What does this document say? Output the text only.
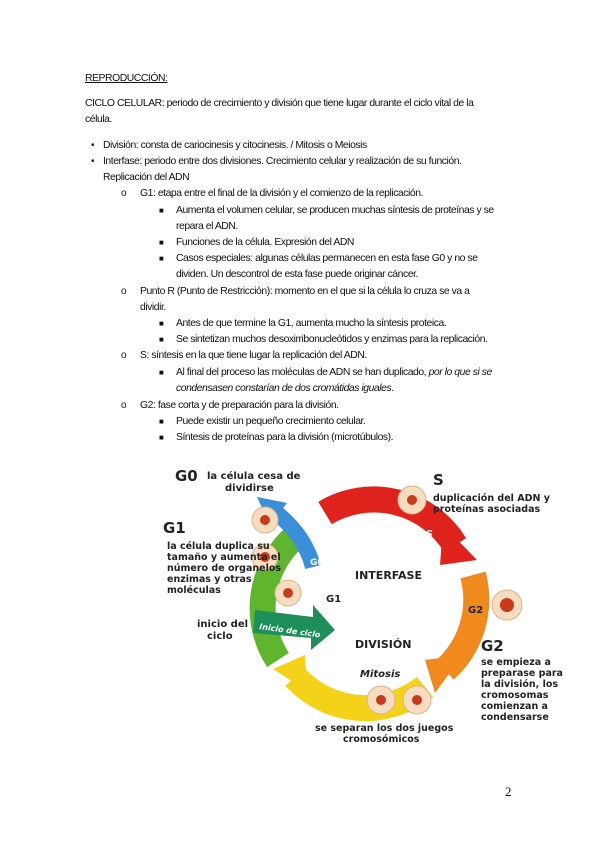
REPRODUCCIÓN:
CICLO CELULAR: periodo de crecimiento y división que tiene lugar durante el ciclo vital de la
célula.
• División: consta de cariocinesis y citocinesis. / Mitosis o Meiosis
• Interfase: periodo entre dos divisiones. Crecimiento celular y realización de su función.
Replicación del ADN
o G1: etapa entre el final de la división y el comienzo de la replicación.
■ Aumenta el volumen celular, se producen muchas síntesis de proteínas y se
repara el ADN.
■ Funciones de la célula. Expresión del ADN
■ Casos especiales: algunas células permanecen en esta fase G0 y no se
dividen. Un descontrol de esta fase puede originar cáncer.
o Punto R (Punto de Restricción): momento en el que si la célula lo cruza se va a
dividir.
■ Antes de que termine la G1, aumenta mucho la síntesis proteica.
■ Se sintetizan muchos desoxirribonucleótidos y enzimas para la replicación.
o S: síntesis en la que tiene lugar la replicación del ADN.
■ Al final del proceso las moléculas de ADN se han duplicado, por lo que si se
condensasen constarían de dos cromátidas iguales.
o G2: fase corta y de preparación para la división.
■ Puede existir un pequeño crecimiento celular.
■ Síntesis de proteínas para la división (microtúbulos).
Fase S
INTERFASE
DIVISIÓN
Mitosis
G0
G1
G2
Inicio de ciclo
G0 la célula cesa de
dividirse
G1
la célula duplica su
tamaño y aumenta el
número de organelos
enzimas y otras
moléculas
inicio del
ciclo
S
duplicación del ADN y
proteínas asociadas
G2
se empieza a
preparase para
la división, los
cromosomas
comienzan a
condensarse
se separan los dos juegos
cromosómicos
2
